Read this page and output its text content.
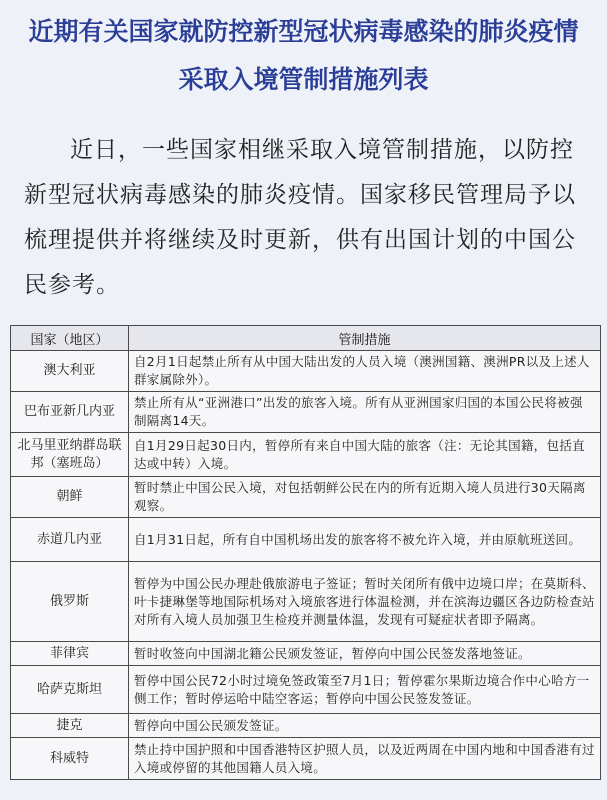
近期有关国家就防控新型冠状病毒感染的肺炎疫情
采取入境管制措施列表
近日，一些国家相继采取入境管制措施，以防控新型冠状病毒感染的肺炎疫情。国家移民管理局予以梳理提供并将继续及时更新，供有出国计划的中国公民参考。
国家（地区）	管制措施
澳大利亚	自2月1日起禁止所有从中国大陆出发的人员入境（澳洲国籍、澳洲PR以及上述人群家属除外）。
巴布亚新几内亚	禁止所有从“亚洲港口”出发的旅客入境。所有从亚洲国家归国的本国公民将被强制隔离14天。
北马里亚纳群岛联邦（塞班岛）	自1月29日起30日内，暂停所有来自中国大陆的旅客（注：无论其国籍，包括直达或中转）入境。
朝鲜	暂时禁止中国公民入境，对包括朝鲜公民在内的所有近期入境人员进行30天隔离观察。
赤道几内亚	自1月31日起，所有自中国机场出发的旅客将不被允许入境，并由原航班送回。
俄罗斯	暂停为中国公民办理赴俄旅游电子签证；暂时关闭所有俄中边境口岸；在莫斯科、叶卡捷琳堡等地国际机场对入境旅客进行体温检测，并在滨海边疆区各边防检查站对所有入境人员加强卫生检疫并测量体温，发现有可疑症状者即予隔离。
菲律宾	暂时收签向中国湖北籍公民颁发签证，暂停向中国公民签发落地签证。
哈萨克斯坦	暂停中国公民72小时过境免签政策至7月1日；暂停霍尔果斯边境合作中心哈方一侧工作；暂时停运哈中陆空客运；暂停向中国公民签发签证。
捷克	暂停向中国公民颁发签证。
科威特	禁止持中国护照和中国香港特区护照人员，以及近两周在中国内地和中国香港有过入境或停留的其他国籍人员入境。
